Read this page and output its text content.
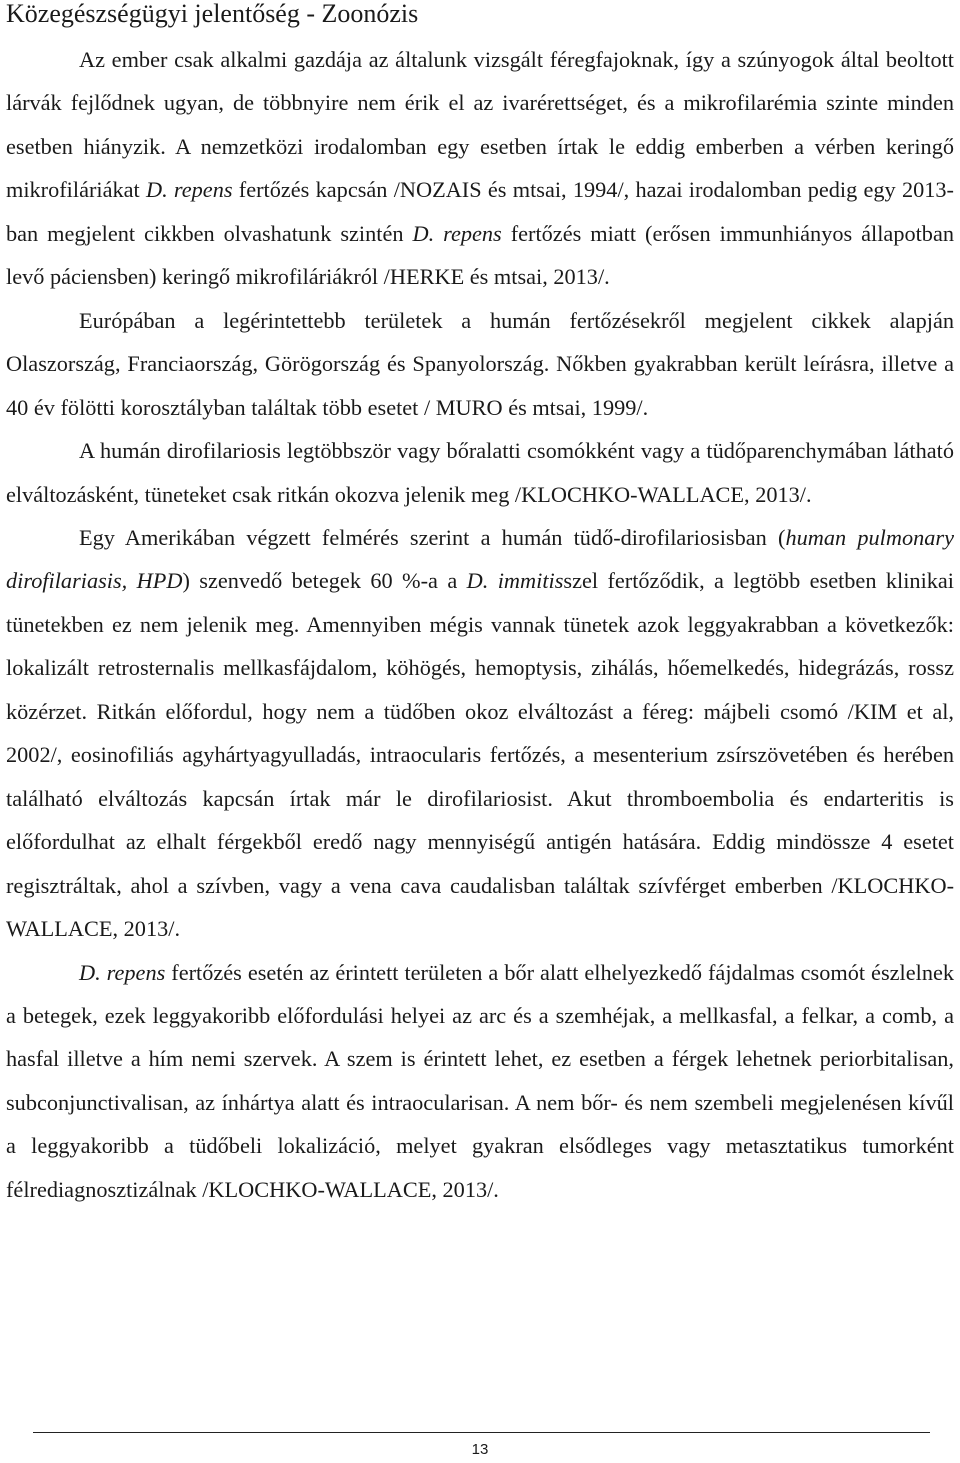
Közegészségügyi jelentőség - Zoonózis

Az ember csak alkalmi gazdája az általunk vizsgált féregfajoknak, így a szúnyogok által beoltott lárvák fejlődnek ugyan, de többnyire nem érik el az ivarérettséget, és a mikrofilarémia szinte minden esetben hiányzik. A nemzetközi irodalomban egy esetben írtak le eddig emberben a vérben keringő mikrofiláriákat D. repens fertőzés kapcsán /NOZAIS és mtsai, 1994/, hazai irodalomban pedig egy 2013-ban megjelent cikkben olvashatunk szintén D. repens fertőzés miatt (erősen immunhiányos állapotban levő páciensben) keringő mikrofiláriákról /HERKE és mtsai, 2013/.

Európában a legérintettebb területek a humán fertőzésekről megjelent cikkek alapján Olaszország, Franciaország, Görögország és Spanyolország. Nőkben gyakrabban került leírásra, illetve a 40 év fölötti korosztályban találtak több esetet / MURO és mtsai, 1999/.

A humán dirofilariosis legtöbbször vagy bőralatti csomókként vagy a tüdőparenchymában látható elváltozásként, tüneteket csak ritkán okozva jelenik meg /KLOCHKO-WALLACE, 2013/.

Egy Amerikában végzett felmérés szerint a humán tüdő-dirofilariosisban (human pulmonary dirofilariasis, HPD) szenvedő betegek 60 %-a a D. immitisszel fertőződik, a legtöbb esetben klinikai tünetekben ez nem jelenik meg. Amennyiben mégis vannak tünetek azok leggyakrabban a következők: lokalizált retrosternalis mellkasfájdalom, köhögés, hemoptysis, zihálás, hőemelkedés, hidegrázás, rossz közérzet. Ritkán előfordul, hogy nem a tüdőben okoz elváltozást a féreg: májbeli csomó /KIM et al, 2002/, eosinofiliás agyhártyagyulladás, intraocularis fertőzés, a mesenterium zsírszövetében és herében található elváltozás kapcsán írtak már le dirofilariosist. Akut thromboembolia és endarteritis is előfordulhat az elhalt férgekből eredő nagy mennyiségű antigén hatására. Eddig mindössze 4 esetet regisztráltak, ahol a szívben, vagy a vena cava caudalisban találtak szívférget emberben /KLOCHKO-WALLACE, 2013/.

D. repens fertőzés esetén az érintett területen a bőr alatt elhelyezkedő fájdalmas csomót észlelnek a betegek, ezek leggyakoribb előfordulási helyei az arc és a szemhéjak, a mellkasfal, a felkar, a comb, a hasfal illetve a hím nemi szervek. A szem is érintett lehet, ez esetben a férgek lehetnek periorbitalisan, subconjunctivalisan, az ínhártya alatt és intraocularisan. A nem bőr- és nem szembeli megjelenésen kívűl a leggyakoribb a tüdőbeli lokalizáció, melyet gyakran elsődleges vagy metasztatikus tumorként félrediagnosztizálnak /KLOCHKO-WALLACE, 2013/.

13
